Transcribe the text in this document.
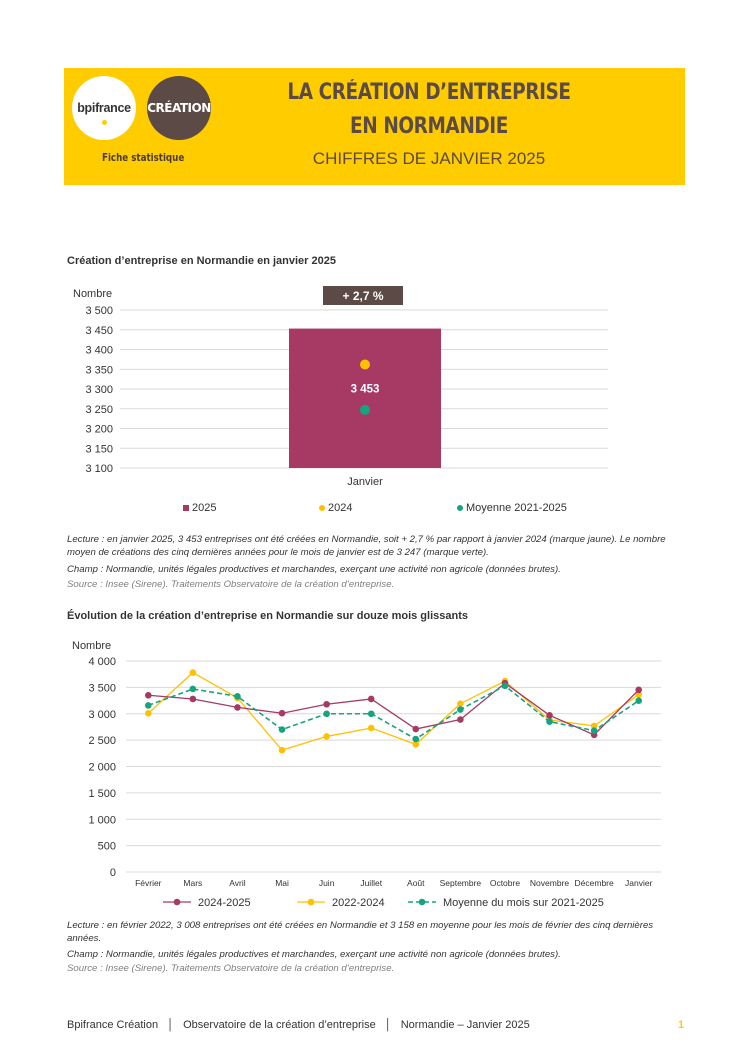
bpifrance CRÉATION
Fiche statistique
LA CRÉATION D’ENTREPRISE
EN NORMANDIE
CHIFFRES DE JANVIER 2025
Création d’entreprise en Normandie en janvier 2025
Nombre
3 100
3 150
3 200
3 250
3 300
3 350
3 400
3 450
3 500
3 453
+ 2,7 %
Janvier
2025	2024	Moyenne 2021-2025
Lecture : en janvier 2025, 3 453 entreprises ont été créées en Normandie, soit + 2,7 % par rapport à janvier 2024 (marque jaune). Le nombre moyen de créations des cinq dernières années pour le mois de janvier est de 3 247 (marque verte).
Champ : Normandie, unités légales productives et marchandes, exerçant une activité non agricole (données brutes).
Source : Insee (Sirene). Traitements Observatoire de la création d’entreprise.
Évolution de la création d’entreprise en Normandie sur douze mois glissants
Nombre
0
500
1 000
1 500
2 000
2 500
3 000
3 500
4 000
Février	Mars	Avril	Mai	Juin	Juillet	Août Septembre Octobre Novembre Décembre Janvier
2024-2025	2022-2024	Moyenne du mois sur 2021-2025
Lecture : en février 2022, 3 008 entreprises ont été créées en Normandie et 3 158 en moyenne pour les mois de février des cinq dernières années.
Champ : Normandie, unités légales productives et marchandes, exerçant une activité non agricole (données brutes).
Source : Insee (Sirene). Traitements Observatoire de la création d’entreprise.
Bpifrance Création │ Observatoire de la création d’entreprise │ Normandie – Janvier 2025	1
